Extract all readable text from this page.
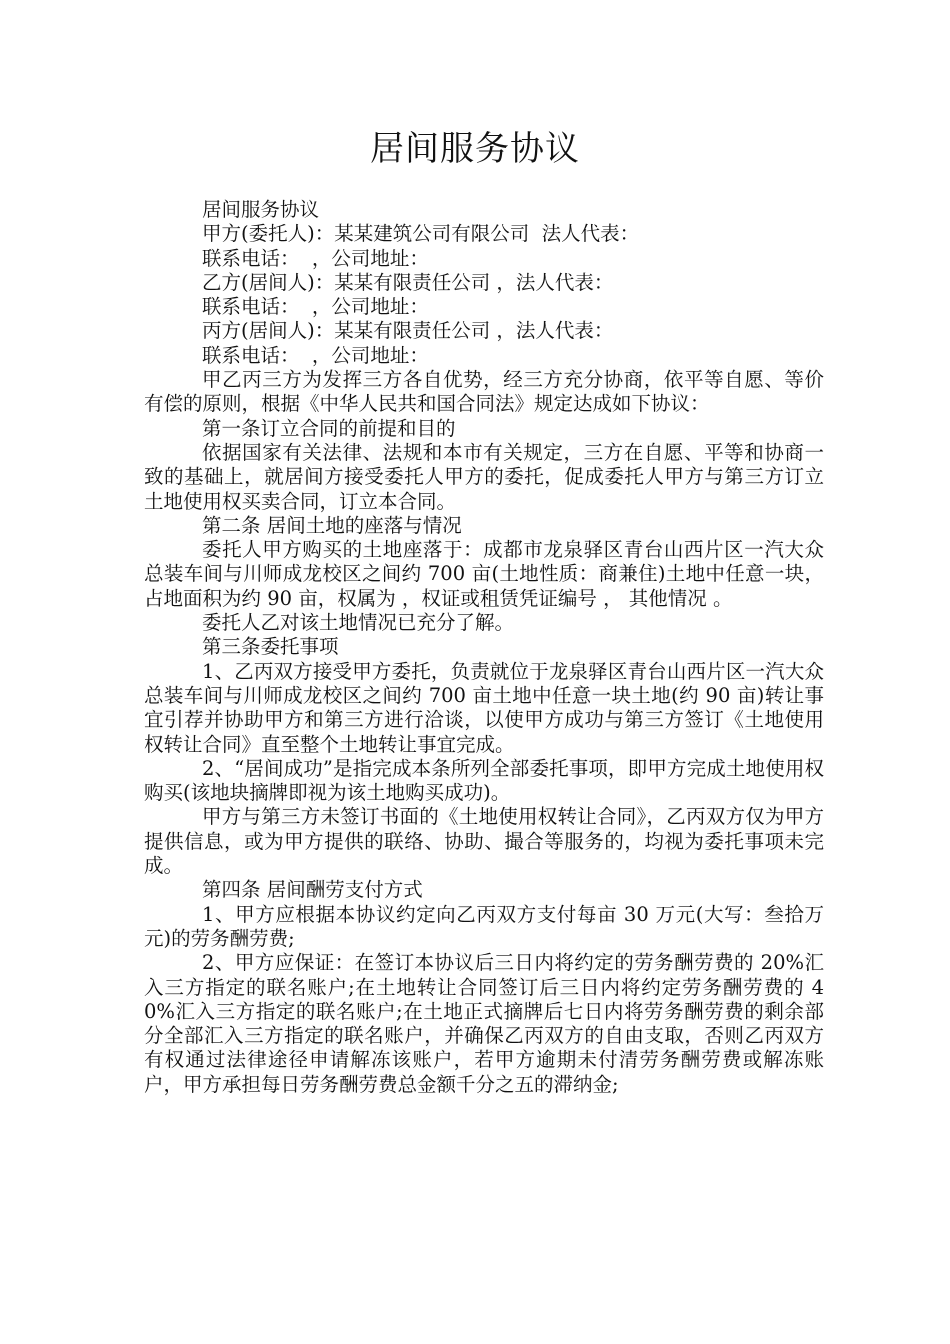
居间服务协议

居间服务协议

甲方(委托人)：某某建筑公司有限公司  法人代表：

联系电话：  ，公司地址：

乙方(居间人)：某某有限责任公司 ，法人代表：

联系电话：  ，公司地址：

丙方(居间人)：某某有限责任公司 ，法人代表：

联系电话：  ，公司地址：

甲乙丙三方为发挥三方各自优势，经三方充分协商，依平等自愿、等价有偿的原则，根据《中华人民共和国合同法》规定达成如下协议：

第一条订立合同的前提和目的

依据国家有关法律、法规和本市有关规定，三方在自愿、平等和协商一致的基础上，就居间方接受委托人甲方的委托，促成委托人甲方与第三方订立土地使用权买卖合同，订立本合同。

第二条 居间土地的座落与情况

委托人甲方购买的土地座落于：成都市龙泉驿区青台山西片区一汽大众总装车间与川师成龙校区之间约 700 亩(土地性质：商兼住)土地中任意一块，占地面积为约 90 亩，权属为 ，权证或租赁凭证编号 ， 其他情况 。

委托人乙对该土地情况已充分了解。

第三条委托事项

1、乙丙双方接受甲方委托，负责就位于龙泉驿区青台山西片区一汽大众总装车间与川师成龙校区之间约 700 亩土地中任意一块土地(约 90 亩)转让事宜引荐并协助甲方和第三方进行洽谈，以使甲方成功与第三方签订《土地使用权转让合同》直至整个土地转让事宜完成。

2、“居间成功”是指完成本条所列全部委托事项，即甲方完成土地使用权购买(该地块摘牌即视为该土地购买成功)。

甲方与第三方未签订书面的《土地使用权转让合同》，乙丙双方仅为甲方提供信息，或为甲方提供的联络、协助、撮合等服务的，均视为委托事项未完成。

第四条 居间酬劳支付方式

1、甲方应根据本协议约定向乙丙双方支付每亩 30 万元(大写：叁拾万元)的劳务酬劳费;

2、甲方应保证：在签订本协议后三日内将约定的劳务酬劳费的 20%汇入三方指定的联名账户;在土地转让合同签订后三日内将约定劳务酬劳费的 40%汇入三方指定的联名账户;在土地正式摘牌后七日内将劳务酬劳费的剩余部分全部汇入三方指定的联名账户，并确保乙丙双方的自由支取，否则乙丙双方有权通过法律途径申请解冻该账户，若甲方逾期未付清劳务酬劳费或解冻账户，甲方承担每日劳务酬劳费总金额千分之五的滞纳金;
